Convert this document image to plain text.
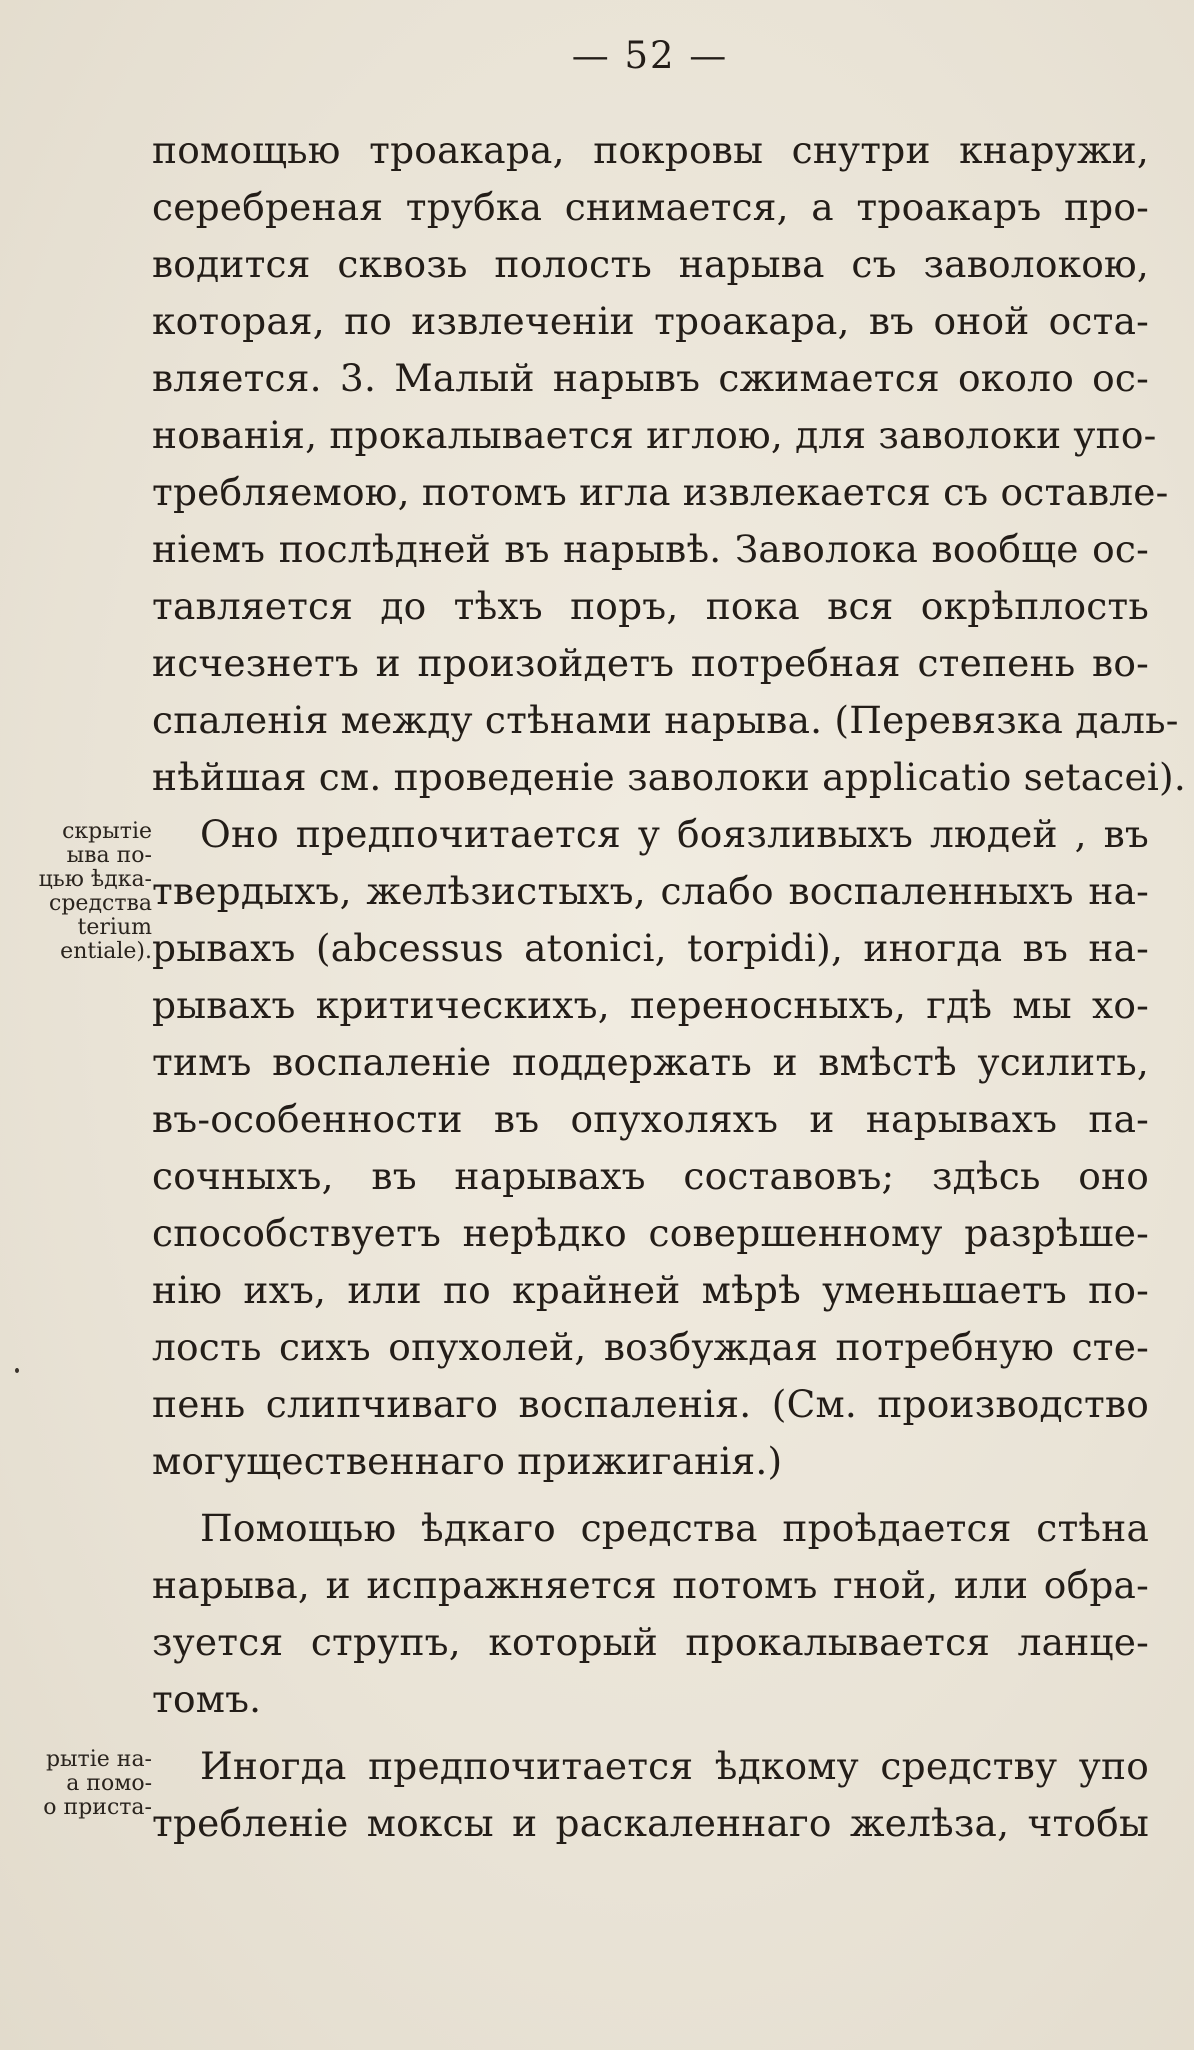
— 52 —
помощью троакара, покровы снутри кнаружи,
серебреная трубка снимается, а троакаръ про-
водится сквозь полость нарыва съ заволокою,
которая, по извлеченіи троакара, въ оной оста-
вляется. 3. Малый нарывъ сжимается около ос-
нованія, прокалывается иглою, для заволоки упо-
требляемою, потомъ игла извлекается съ оставле-
ніемъ послѣдней въ нарывѣ. Заволока вообще ос-
тавляется до тѣхъ поръ, пока вся окрѣплость
исчезнетъ и произойдетъ потребная степень во-
спаленія между стѣнами нарыва. (Перевязка даль-
нѣйшая см. проведеніе заволоки applicatio setacei).
Оно предпочитается у боязливыхъ людей , въ
твердыхъ, желѣзистыхъ, слабо воспаленныхъ на-
рывахъ (abcessus atonici, torpidi), иногда въ на-
рывахъ критическихъ, переносныхъ, гдѣ мы хо-
тимъ воспаленіе поддержать и вмѣстѣ усилить,
въ-особенности въ опухоляхъ и нарывахъ па-
сочныхъ, въ нарывахъ составовъ; здѣсь оно
способствуетъ нерѣдко совершенному разрѣше-
нію ихъ, или по крайней мѣрѣ уменьшаетъ по-
лость сихъ опухолей, возбуждая потребную сте-
пень слипчиваго воспаленія. (См. производство
могущественнаго прижиганія.)
Помощью ѣдкаго средства проѣдается стѣна
нарыва, и испражняется потомъ гной, или обра-
зуется струпъ, который прокалывается ланце-
томъ.
Иногда предпочитается ѣдкому средству упо
требленіе моксы и раскаленнаго желѣза, чтобы
скрытіе
ыва по-
цью ѣдка-
средства
terium
entiale).
рытіе на-
а помо-
о приста-
